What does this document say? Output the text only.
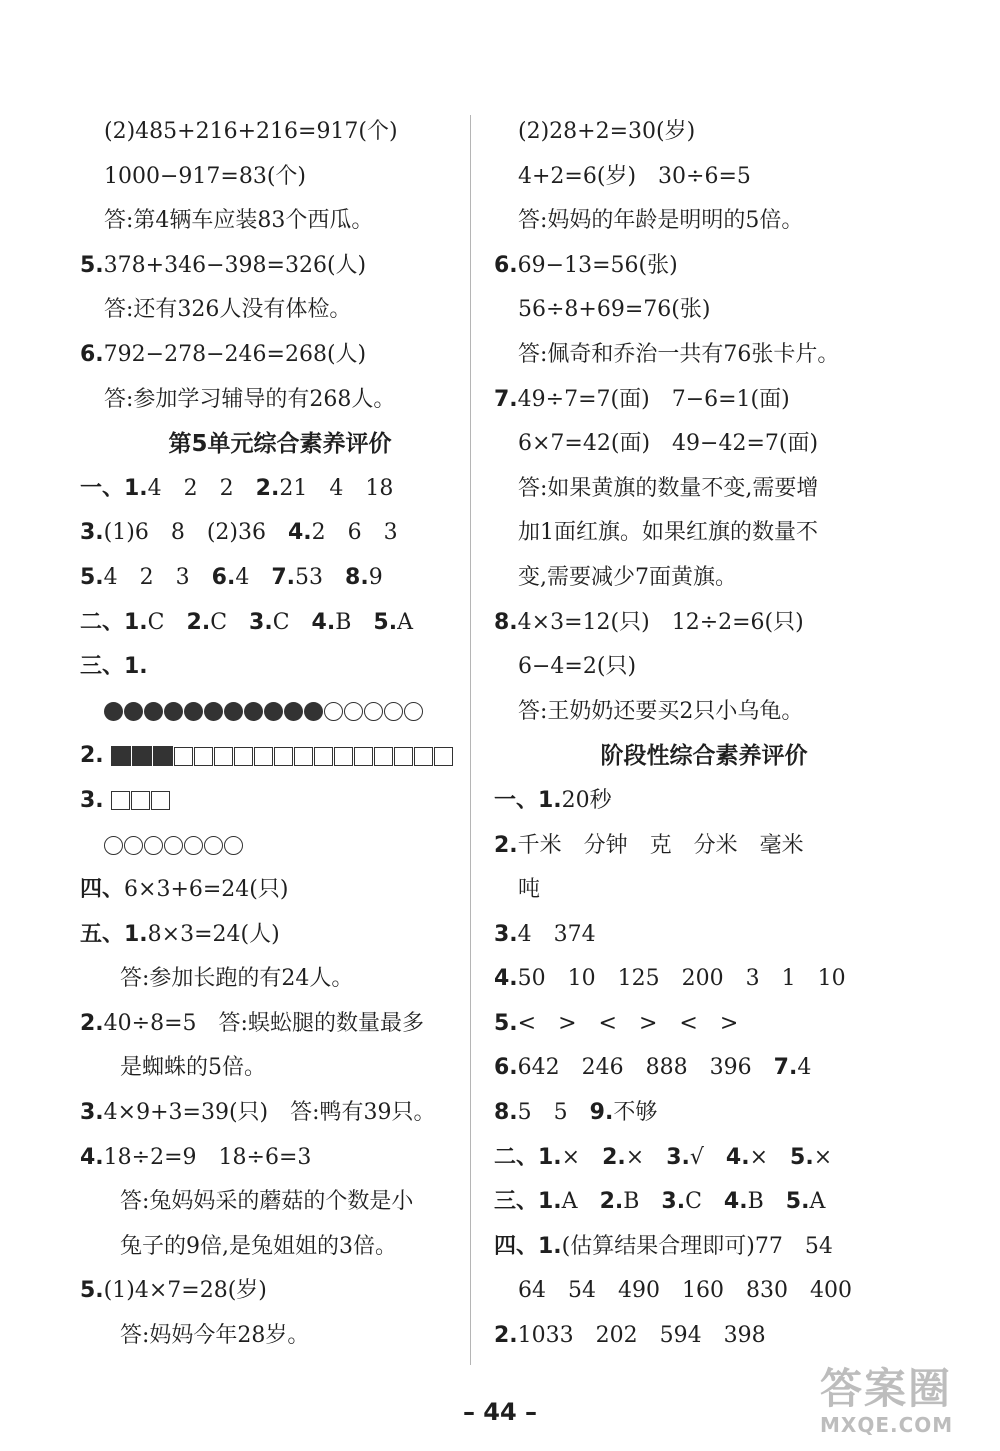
(2)485+216+216=917(个)
1000−917=83(个)
答:第4辆车应装83个西瓜。
5.378+346−398=326(人)
答:还有326人没有体检。
6.792−278−246=268(人)
答:参加学习辅导的有268人。
第5单元综合素养评价
一、1.4　2　2　2.21　4　18
3.(1)6　8　(2)36　4.2　6　3
5.4　2　3　6.4　7.53　8.9
二、1.C　2.C　3.C　4.B　5.A
三、1.
2.
3.
四、6×3+6=24(只)
五、1.8×3=24(人)
答:参加长跑的有24人。
2.40÷8=5　答:蜈蚣腿的数量最多
是蜘蛛的5倍。
3.4×9+3=39(只)　答:鸭有39只。
4.18÷2=9　18÷6=3
答:兔妈妈采的蘑菇的个数是小
兔子的9倍,是兔姐姐的3倍。
5.(1)4×7=28(岁)
答:妈妈今年28岁。
(2)28+2=30(岁)
4+2=6(岁)　30÷6=5
答:妈妈的年龄是明明的5倍。
6.69−13=56(张)
56÷8+69=76(张)
答:佩奇和乔治一共有76张卡片。
7.49÷7=7(面)　7−6=1(面)
6×7=42(面)　49−42=7(面)
答:如果黄旗的数量不变,需要增
加1面红旗。如果红旗的数量不
变,需要减少7面黄旗。
8.4×3=12(只)　12÷2=6(只)
6−4=2(只)
答:王奶奶还要买2只小乌龟。
阶段性综合素养评价
一、1.20秒
2.千米　分钟　克　分米　毫米
吨
3.4　374
4.50　10　125　200　3　1　10
5.<　>　<　>　<　>
6.642　246　888　396　7.4
8.5　5　9.不够
二、1.×　2.×　3.√　4.×　5.×
三、1.A　2.B　3.C　4.B　5.A
四、1.(估算结果合理即可)77　54
64　54　490　160　830　400
2.1033　202　594　398
– 44 –	答案圈
MXQE.COM
